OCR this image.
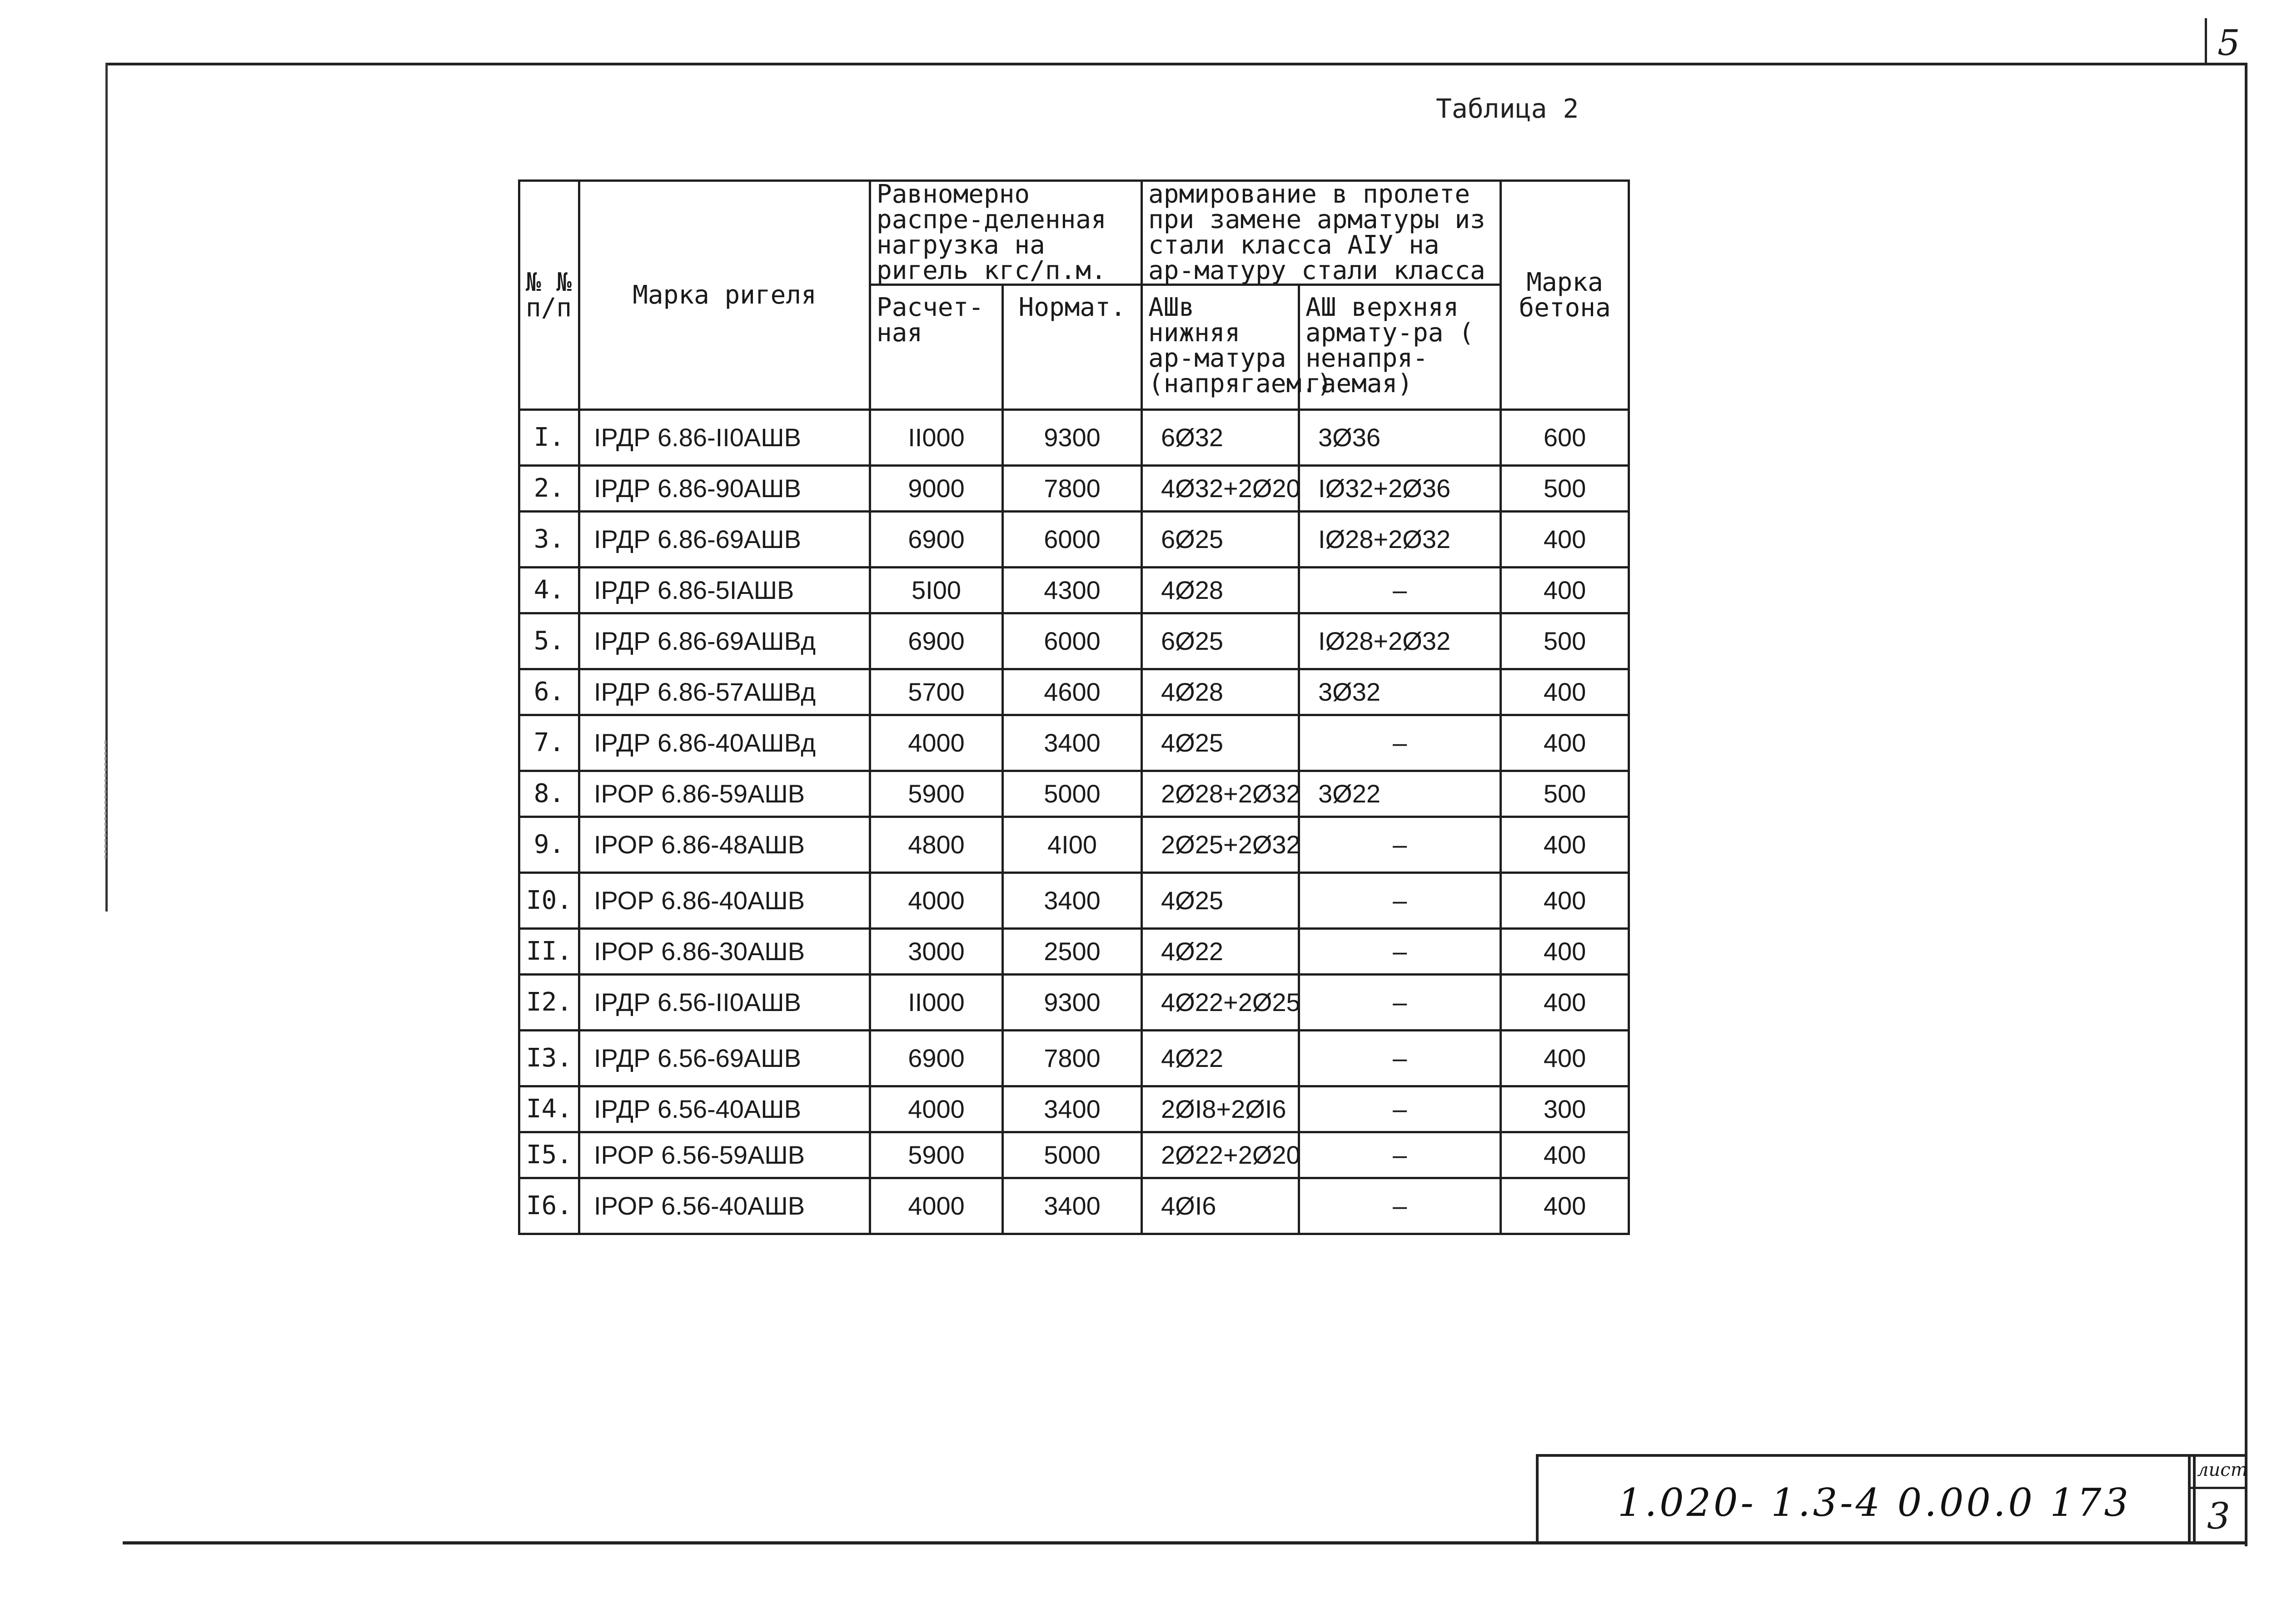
5
Таблица 2
№ № п/п	Марка ригеля	Равномерно распре-деленная нагрузка на ригель кгс/п.м.		армирование в пролете при замене арматуры из стали класса AIУ на ар-матуру стали класса		Марка бетона
		Расчет-ная	Нормат.	AШв нижняя ар-матура (напрягаем.)	AШ верхняя армату-ра ( ненапря-гаемая)	
I.	IРДР 6.86-II0AШВ	II000	9300	6Ø32	3Ø36	600
2.	IРДР 6.86-90AШВ	9000	7800	4Ø32+2Ø20	IØ32+2Ø36	500
3.	IРДР 6.86-69AШВ	6900	6000	6Ø25	IØ28+2Ø32	400
4.	IРДР 6.86-5IAШВ	5I00	4300	4Ø28	–	400
5.	IРДР 6.86-69AШВд	6900	6000	6Ø25	IØ28+2Ø32	500
6.	IРДР 6.86-57AШВд	5700	4600	4Ø28	3Ø32	400
7.	IРДР 6.86-40AШВд	4000	3400	4Ø25	–	400
8.	IРОР 6.86-59AШВ	5900	5000	2Ø28+2Ø32	3Ø22	500
9.	IРОР 6.86-48AШВ	4800	4I00	2Ø25+2Ø32	–	400
I0.	IРОР 6.86-40AШВ	4000	3400	4Ø25	–	400
II.	IРОР 6.86-30AШВ	3000	2500	4Ø22	–	400
I2.	IРДР 6.56-II0AШВ	II000	9300	4Ø22+2Ø25	–	400
I3.	IРДР 6.56-69AШВ	6900	7800	4Ø22	–	400
I4.	IРДР 6.56-40AШВ	4000	3400	2ØI8+2ØI6	–	300
I5.	IРОР 6.56-59AШВ	5900	5000	2Ø22+2Ø20	–	400
I6.	IРОР 6.56-40AШВ	4000	3400	4ØI6	–	400
1.020- 1.3-4 0.00.0 173
лист
3
